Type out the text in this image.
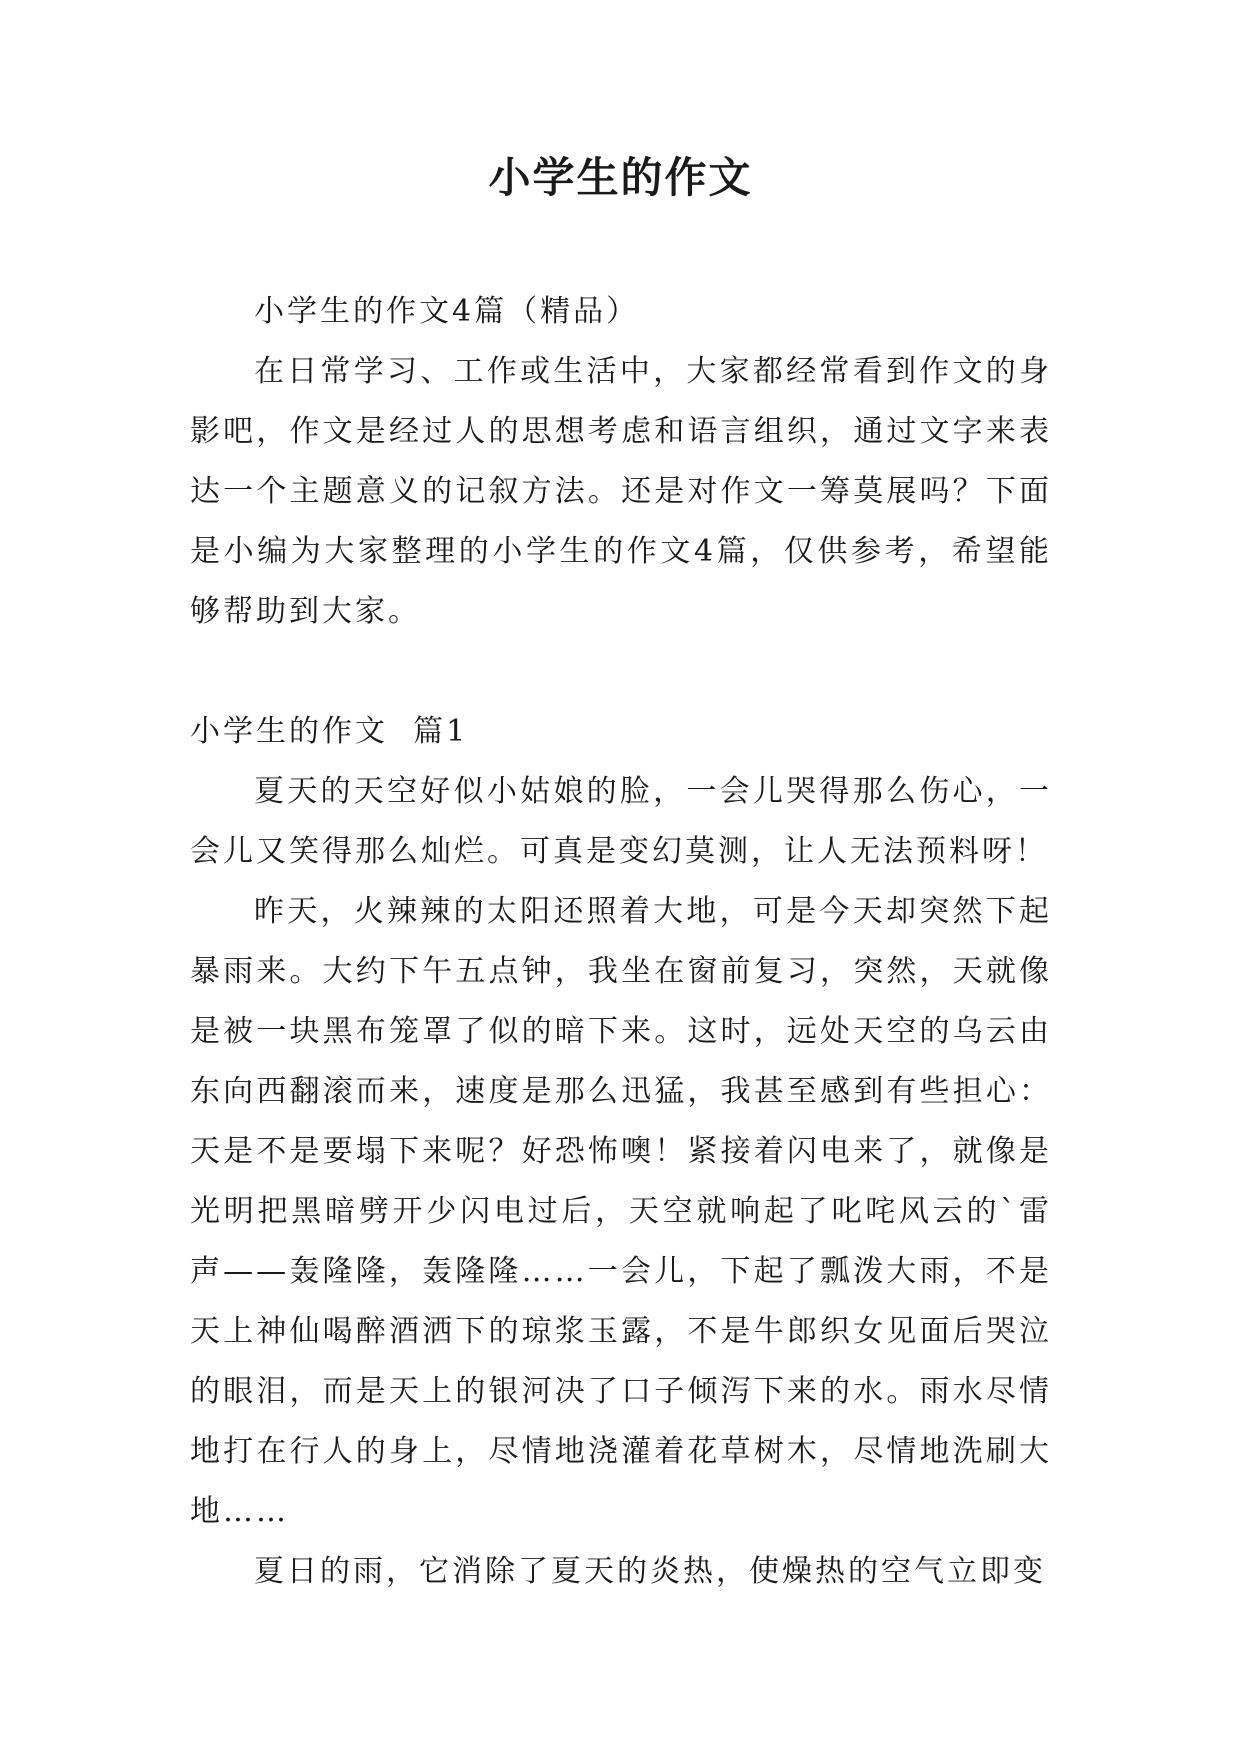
小学生的作文

小学生的作文4篇（精品）

在日常学习、工作或生活中，大家都经常看到作文的身影吧，作文是经过人的思想考虑和语言组织，通过文字来表达一个主题意义的记叙方法。还是对作文一筹莫展吗？下面是小编为大家整理的小学生的作文4篇，仅供参考，希望能够帮助到大家。

小学生的作文  篇1

夏天的天空好似小姑娘的脸，一会儿哭得那么伤心，一会儿又笑得那么灿烂。可真是变幻莫测，让人无法预料呀！

昨天，火辣辣的太阳还照着大地，可是今天却突然下起暴雨来。大约下午五点钟，我坐在窗前复习，突然，天就像是被一块黑布笼罩了似的暗下来。这时，远处天空的乌云由东向西翻滚而来，速度是那么迅猛，我甚至感到有些担心：天是不是要塌下来呢？好恐怖噢！紧接着闪电来了，就像是光明把黑暗劈开少闪电过后，天空就响起了叱咤风云的`雷声——轰隆隆，轰隆隆……一会儿，下起了瓢泼大雨，不是天上神仙喝醉酒洒下的琼浆玉露，不是牛郎织女见面后哭泣的眼泪，而是天上的银河决了口子倾泻下来的水。雨水尽情地打在行人的身上，尽情地浇灌着花草树木，尽情地洗刷大地……

夏日的雨，它消除了夏天的炎热，使燥热的空气立即变
